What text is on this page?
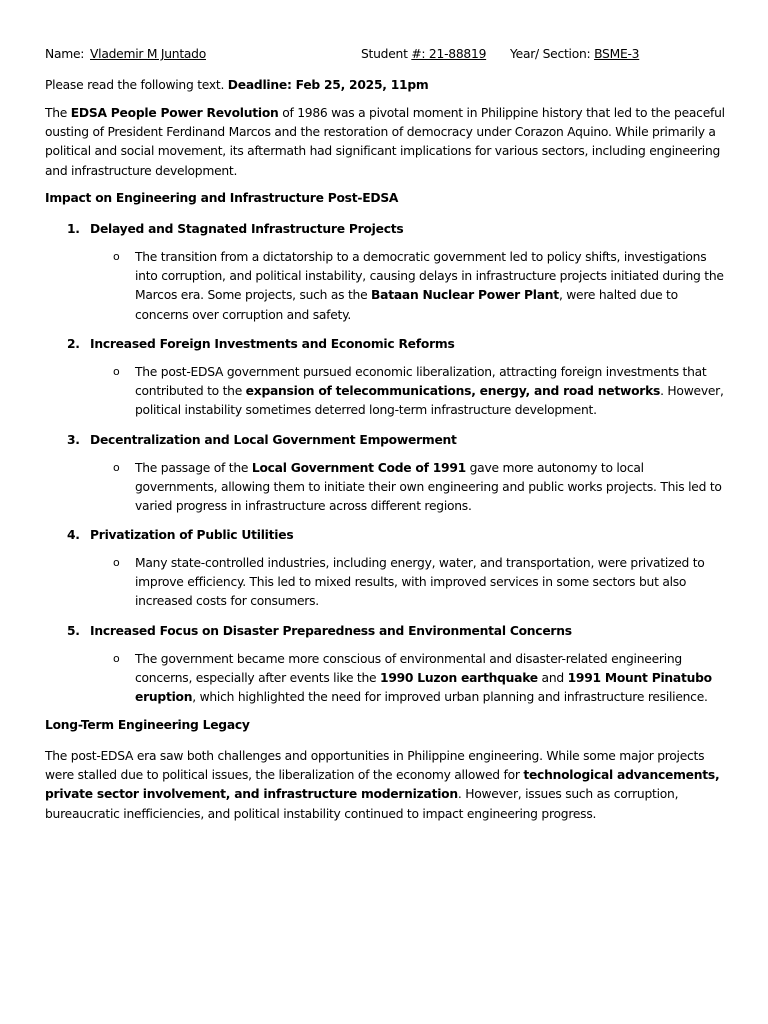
Name: Vlademir M Juntado	Student #: 21-88819 Year/ Section: BSME-3

Please read the following text. Deadline: Feb 25, 2025, 11pm

The EDSA People Power Revolution of 1986 was a pivotal moment in Philippine history that led to the peaceful ousting of President Ferdinand Marcos and the restoration of democracy under Corazon Aquino. While primarily a political and social movement, its aftermath had significant implications for various sectors, including engineering and infrastructure development.

Impact on Engineering and Infrastructure Post-EDSA
1. Delayed and Stagnated Infrastructure Projects
o The transition from a dictatorship to a democratic government led to policy shifts, investigations into corruption, and political instability, causing delays in infrastructure projects initiated during the Marcos era. Some projects, such as the Bataan Nuclear Power Plant, were halted due to concerns over corruption and safety.

2. Increased Foreign Investments and Economic Reforms
o The post-EDSA government pursued economic liberalization, attracting foreign investments that contributed to the expansion of telecommunications, energy, and road networks. However, political instability sometimes deterred long-term infrastructure development.

3. Decentralization and Local Government Empowerment
o The passage of the Local Government Code of 1991 gave more autonomy to local governments, allowing them to initiate their own engineering and public works projects. This led to varied progress in infrastructure across different regions.

4. Privatization of Public Utilities
o Many state-controlled industries, including energy, water, and transportation, were privatized to improve efficiency. This led to mixed results, with improved services in some sectors but also increased costs for consumers.

5. Increased Focus on Disaster Preparedness and Environmental Concerns
o The government became more conscious of environmental and disaster-related engineering concerns, especially after events like the 1990 Luzon earthquake and 1991 Mount Pinatubo eruption, which highlighted the need for improved urban planning and infrastructure resilience.

Long-Term Engineering Legacy

The post-EDSA era saw both challenges and opportunities in Philippine engineering. While some major projects were stalled due to political issues, the liberalization of the economy allowed for technological advancements, private sector involvement, and infrastructure modernization. However, issues such as corruption, bureaucratic inefficiencies, and political instability continued to impact engineering progress.
